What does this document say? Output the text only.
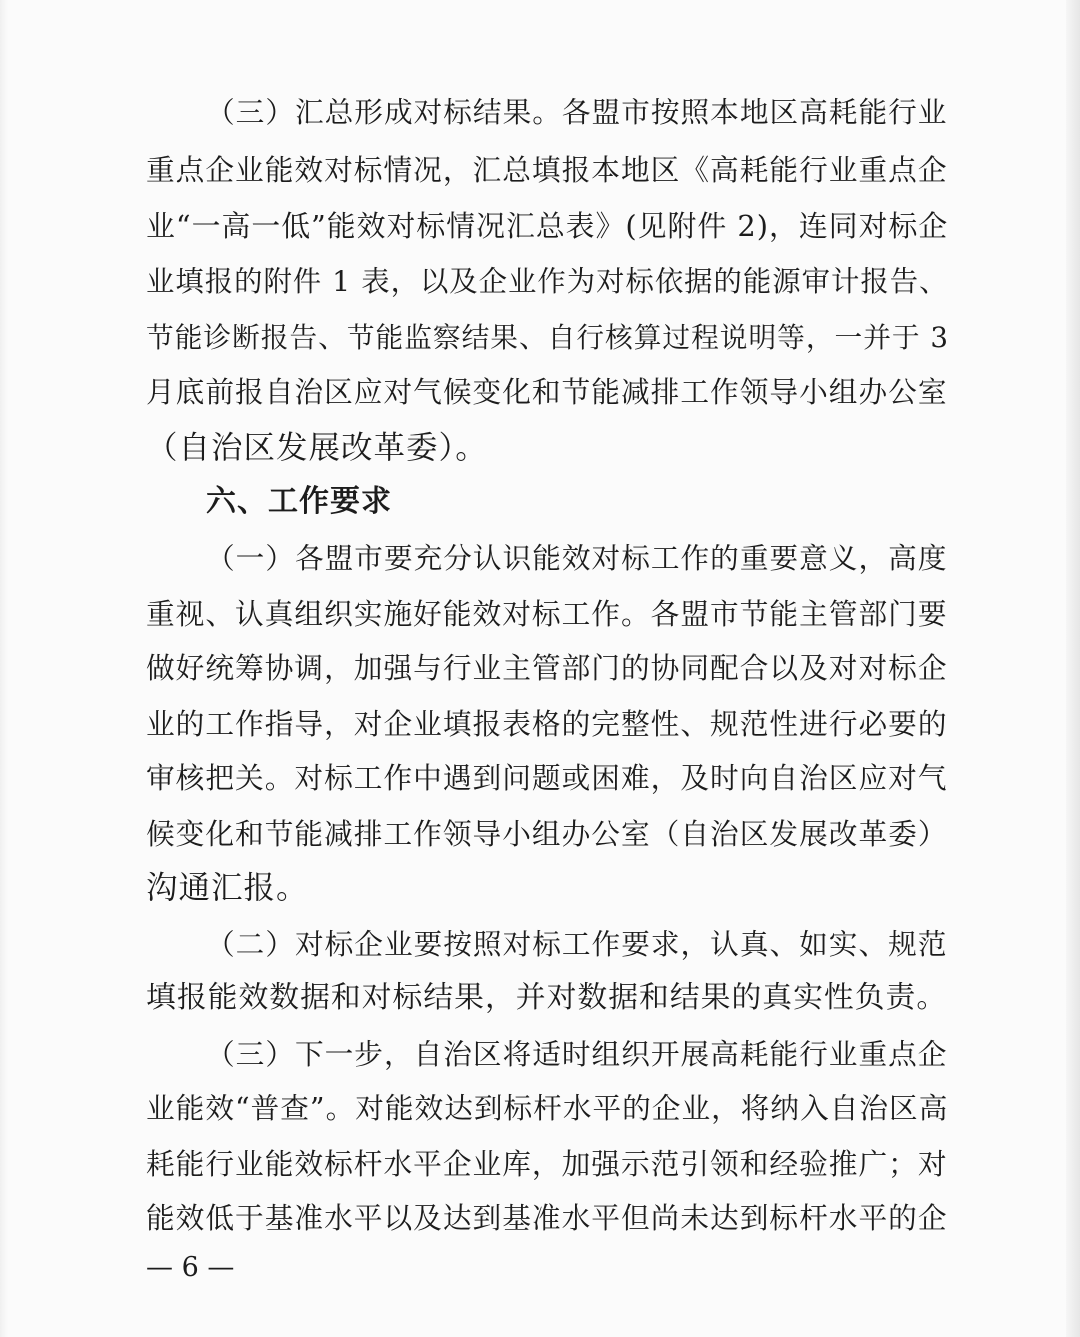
（三）汇总形成对标结果。各盟市按照本地区高耗能行业
重点企业能效对标情况，汇总填报本地区《高耗能行业重点企
业“一高一低”能效对标情况汇总表》(见附件 2)，连同对标企
业填报的附件 1 表，以及企业作为对标依据的能源审计报告、
节能诊断报告、节能监察结果、自行核算过程说明等，一并于 3
月底前报自治区应对气候变化和节能减排工作领导小组办公室
（自治区发展改革委）。
六、工作要求
（一）各盟市要充分认识能效对标工作的重要意义，高度
重视、认真组织实施好能效对标工作。各盟市节能主管部门要
做好统筹协调，加强与行业主管部门的协同配合以及对对标企
业的工作指导，对企业填报表格的完整性、规范性进行必要的
审核把关。对标工作中遇到问题或困难，及时向自治区应对气
候变化和节能减排工作领导小组办公室（自治区发展改革委）
沟通汇报。
（二）对标企业要按照对标工作要求，认真、如实、规范
填报能效数据和对标结果，并对数据和结果的真实性负责。
（三）下一步，自治区将适时组织开展高耗能行业重点企
业能效“普查”。对能效达到标杆水平的企业，将纳入自治区高
耗能行业能效标杆水平企业库，加强示范引领和经验推广；对
能效低于基准水平以及达到基准水平但尚未达到标杆水平的企
— 6 —
